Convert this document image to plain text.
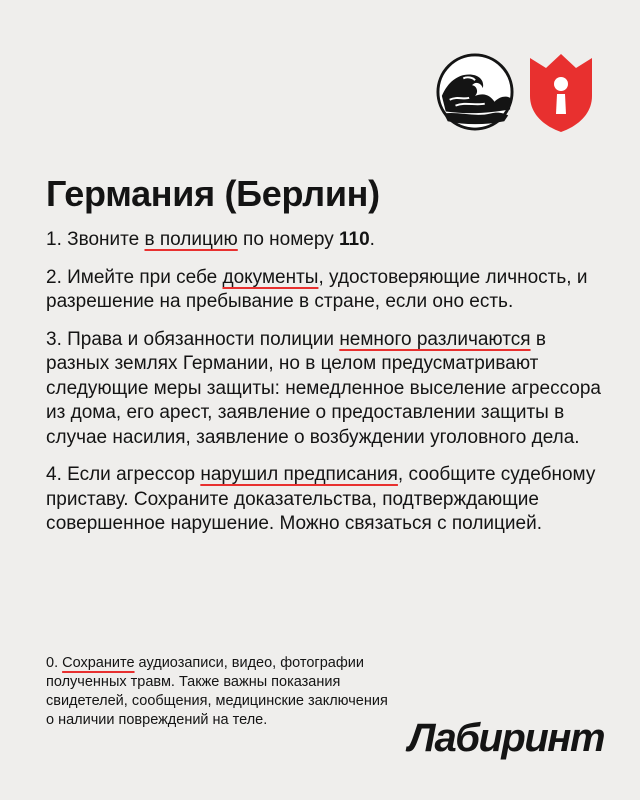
Германия (Берлин)

1. Звоните в полицию по номеру 110.

2. Имейте при себе документы, удостоверяющие личность, и разрешение на пребывание в стране, если оно есть.

3. Права и обязанности полиции немного различаются в разных землях Германии, но в целом предусматривают следующие меры защиты: немедленное выселение агрессора из дома, его арест, заявление о предоставлении защиты в случае насилия, заявление о возбуждении уголовного дела.

4. Если агрессор нарушил предписания, сообщите судебному приставу. Сохраните доказательства, подтверждающие совершенное нарушение. Можно связаться с полицией.

0. Сохраните аудиозаписи, видео, фотографии полученных травм. Также важны показания свидетелей, сообщения, медицинские заключения о наличии повреждений на теле.	Лабиринт
